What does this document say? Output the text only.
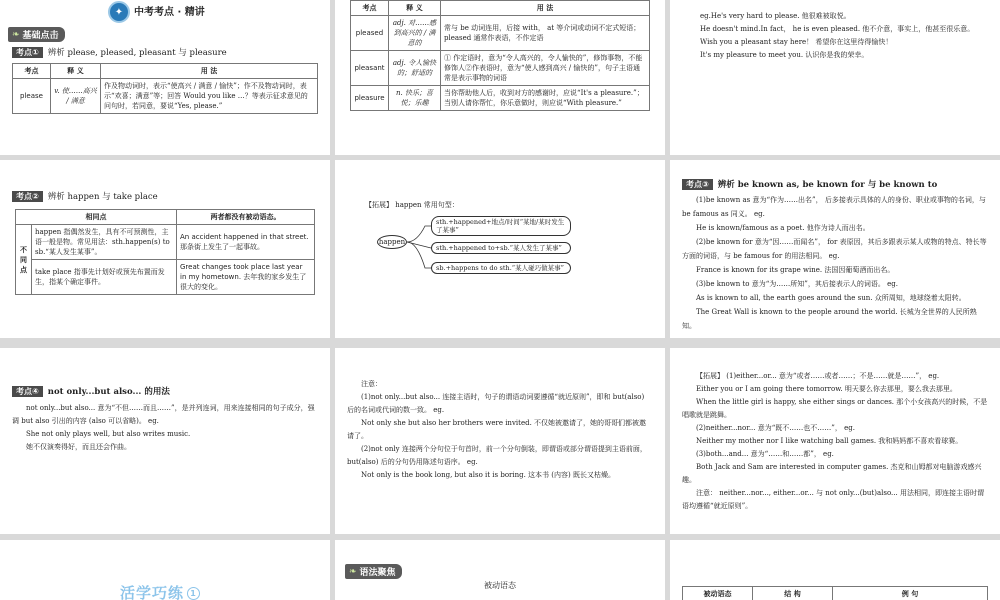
✦	中考考点 · 精讲
❧ 基础点击
考点①	辨析 please, pleased, pleasant 与 pleasure
考点	释 义	用 法
please	v. 使……高兴 / 满意	作及物动词时，表示“使高兴 / 满意 / 愉快”；作不及物动词时，表示“欢喜；满意”等；回答 Would you like …？等表示征求意见的问句时，若同意，要说“Yes, please.”
考点	释 义	用 法
pleased	adj. 对……感到高兴的 / 满意的	常与 be 动词连用，后接 with， at 等介词或动词不定式短语； pleased 通常作表语，不作定语
pleasant	adj. 令人愉快的；舒适的	① 作定语时，意为“令人高兴的，令人愉快的”，修饰事物，不能修饰人②作表语时，意为“使人感到高兴 / 愉快的”，句子主语通常是表示事物的词语
pleasure	n. 快乐；喜悦；乐趣	当你帮助他人后，收到对方的感谢时，应说“It's a pleasure.”；当别人请你帮忙，你乐意做时，则应说“With pleasure.”

eg.He's very hard to please. 他很难被取悦。

He doesn't mind.In fact， he is even pleased. 他不介意，事实上，他甚至很乐意。

Wish you a pleasant stay here！ 希望你在这里待得愉快！

It's my pleasure to meet you. 认识你是我的荣幸。

考点②	辨析 happen 与 take place
相同点		两者都没有被动语态。
不同点	happen 指偶然发生，具有不可预测性，主语一般是物。常见用法：sth.happen(s) to sb.“某人发生某事”。	An accident happened in that street. 那条街上发生了一起事故。
	take place 指事先计划好或预先布置而发生，指某个确定事件。	Great changes took place last year in my hometown. 去年我的家乡发生了很大的变化。
【拓展】 happen 常用句型：
happen
sth.+happened+地点/时间“某地/某时发生了某事”
sth.+happened to+sb.“某人发生了某事”
sb.+happens to do sth.“某人碰巧做某事”
考点③	辨析 be known as, be known for 与 be known to

(1)be known as 意为“作为……出名”， 后多接表示具体的人的身份、职业或事物的名词，与 be famous as 同义。 eg.

He is known/famous as a poet. 他作为诗人而出名。

(2)be known for 意为“因……而闻名”， for 表原因，其后多跟表示某人或物的特点、特长等方面的词语，与 be famous for 的用法相同。 eg.

France is known for its grape wine. 法国因葡萄酒而出名。

(3)be known to 意为“为……所知”，其后接表示人的词语。 eg.

As is known to all, the earth goes around the sun. 众所周知，地球绕着太阳转。

The Great Wall is known to the people around the world. 长城为全世界的人民所熟知。

考点④	not only...but also... 的用法

not only...but also... 意为“不但……而且……”，是并列连词，用来连接相同的句子成分，强调 but also 引出的内容 (also 可以省略)。 eg.

She not only plays well, but also writes music.

她不仅演奏得好，而且还会作曲。

注意：

(1)not only...but also... 连接主语时，句子的谓语动词要遵循“就近原则”，即和 but(also) 后的名词或代词的数一致。 eg.

Not only she but also her brothers were invited. 不仅她被邀请了，她的哥哥们都被邀请了。

(2)not only 连接两个分句位于句首时，前一个分句倒装，即谓语或部分谓语提到主语前面， but(also) 后的分句仍用陈述句语序。 eg.

Not only is the book long, but also it is boring. 这本书 (内容) 既长又枯燥。

【拓展】 (1)either...or... 意为“或者……或者……；不是……就是……”， eg.

Either you or I am going there tomorrow. 明天要么你去那里，要么我去那里。

When the little girl is happy, she either sings or dances. 那个小女孩高兴的时候，不是唱歌就是跳舞。

(2)neither...nor... 意为“既不……也不……”， eg.

Neither my mother nor I like watching ball games. 我和妈妈都不喜欢看球赛。

(3)both...and... 意为“……和……都”， eg.

Both Jack and Sam are interested in computer games. 杰克和山姆都对电脑游戏感兴趣。

注意： neither...nor..., either...or... 与 not only...(but)also... 用法相同，即连接主语时谓语均遵循“就近原则”。

活学巧练 1
❧ 语法聚焦
被动语态
被动语态	结 构	例 句
